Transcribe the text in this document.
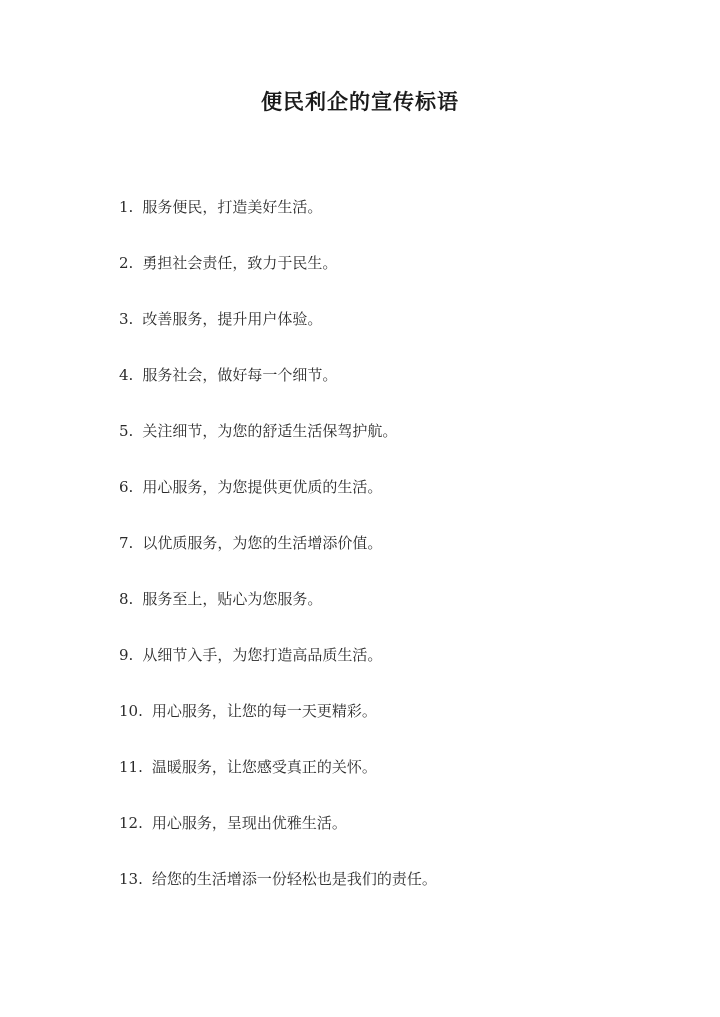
便民利企的宣传标语
1. 服务便民，打造美好生活。
2. 勇担社会责任，致力于民生。
3. 改善服务，提升用户体验。
4. 服务社会，做好每一个细节。
5. 关注细节，为您的舒适生活保驾护航。
6. 用心服务，为您提供更优质的生活。
7. 以优质服务，为您的生活增添价值。
8. 服务至上，贴心为您服务。
9. 从细节入手，为您打造高品质生活。
10. 用心服务，让您的每一天更精彩。
11. 温暖服务，让您感受真正的关怀。
12. 用心服务，呈现出优雅生活。
13. 给您的生活增添一份轻松也是我们的责任。
